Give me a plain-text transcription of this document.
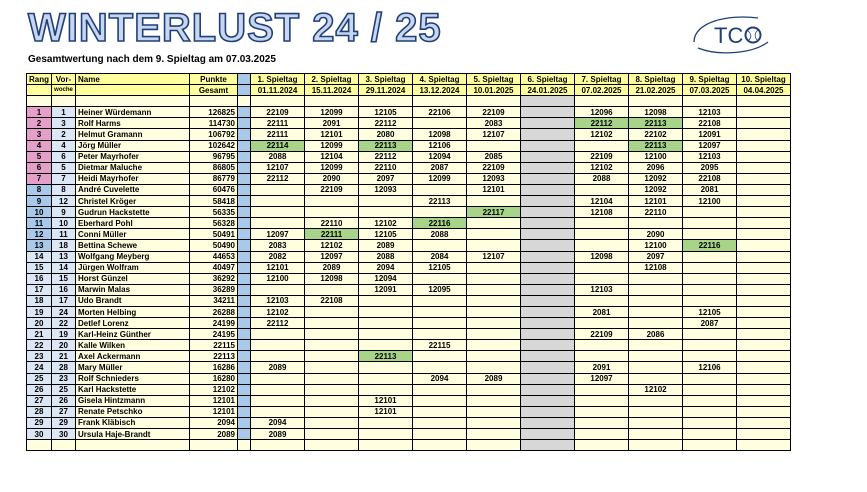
WINTERLUST 24 / 25
Gesamtwertung nach dem 9. Spieltag am 07.03.2025
TC
Rang	Vor-	Name	Punkte		1. Spieltag	2. Spieltag	3. Spieltag	4. Spieltag	5. Spieltag	6. Spieltag	7. Spieltag	8. Spieltag	9. Spieltag	10. Spieltag
	woche		Gesamt		01.11.2024	15.11.2024	29.11.2024	13.12.2024	10.01.2025	24.01.2025	07.02.2025	21.02.2025	07.03.2025	04.04.2025

1	1	Heiner Würdemann	126825		22109	12099	12105	22106	22109		12096	12098	12103	
2	3	Rolf Harms	114730		22111	2091	22112		2083		22112	22113	22108	
3	2	Helmut Gramann	106792		22111	12101	2080	12098	12107		12102	22102	12091	
4	4	Jörg Müller	102642		22114	12099	22113	12106				22113	12097	
5	6	Peter Mayrhofer	96795		2088	12104	22112	12094	2085		22109	12100	12103	
6	5	Dietmar Maluche	86805		12107	12099	22110	2087	22109		12102	2096	2095	
7	7	Heidi Mayrhofer	86779		22112	2090	2097	12099	12093		2088	12092	22108	
8	8	André Cuvelette	60476			22109	12093		12101			12092	2081	
9	12	Christel Kröger	58418					22113			12104	12101	12100	
10	9	Gudrun Hackstette	56335						22117		12108	22110		
11	10	Eberhard Pohl	56328			22110	12102	22116						
12	11	Conni Müller	50491		12097	22111	12105	2088				2090		
13	18	Bettina Schewe	50490		2083	12102	2089					12100	22116	
14	13	Wolfgang Meyberg	44653		2082	12097	2088	2084	12107		12098	2097		
15	14	Jürgen Wolfram	40497		12101	2089	2094	12105				12108		
16	15	Horst Günzel	36292		12100	12098	12094							
17	16	Marwin Malas	36289				12091	12095			12103			
18	17	Udo Brandt	34211		12103	22108								
19	24	Morten Helbing	26288		12102						2081		12105	
20	22	Detlef Lorenz	24199		22112								2087	
21	19	Karl-Heinz Günther	24195								22109	2086		
22	20	Kalle Wilken	22115					22115						
23	21	Axel Ackermann	22113				22113							
24	28	Mary Müller	16286		2089						2091		12106	
25	23	Rolf Schnieders	16280					2094	2089		12097			
26	25	Karl Hackstette	12102									12102		
27	26	Gisela Hintzmann	12101				12101							
28	27	Renate Petschko	12101				12101							
29	29	Frank Kläbisch	2094		2094									
30	30	Ursula Haje-Brandt	2089		2089									
